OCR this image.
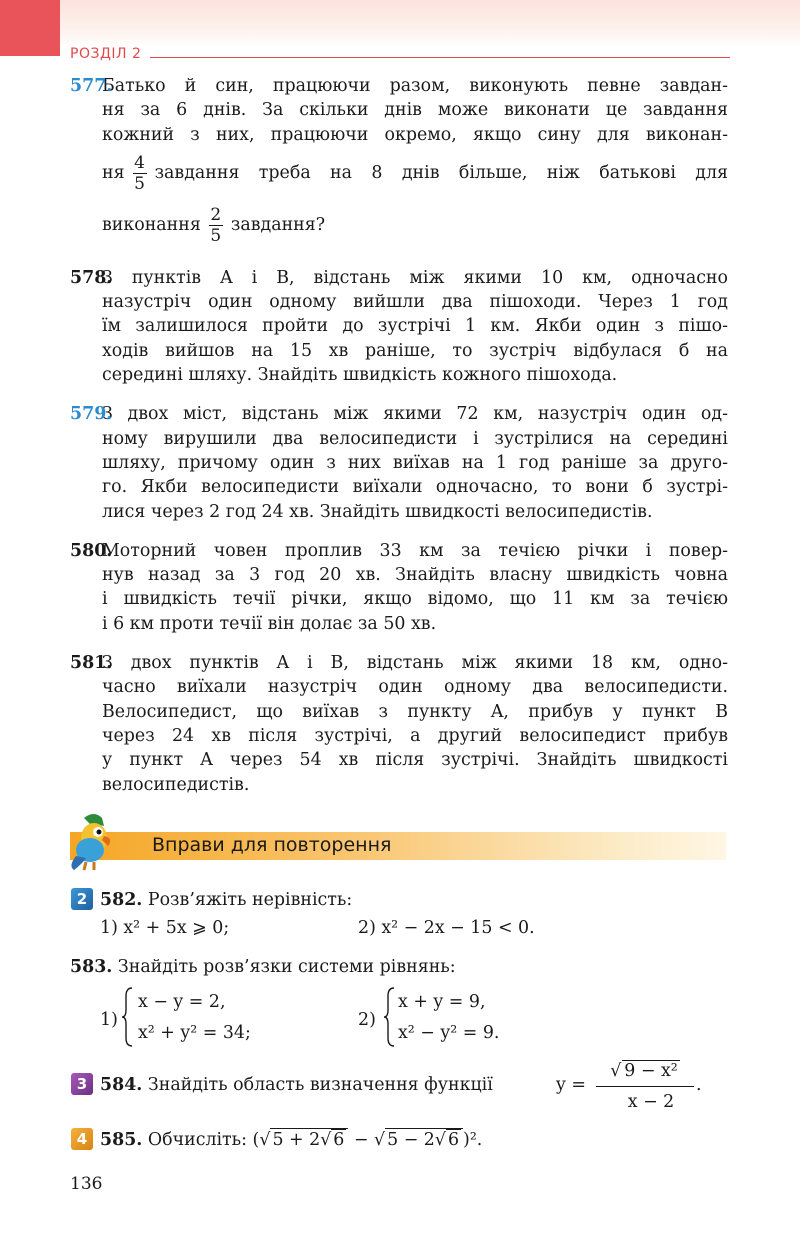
РОЗДІЛ 2
577.
Батько й син, працюючи разом, виконують певне завдан-
ня за 6 днів. За скільки днів може виконати це завдання
кожний з них, працюючи окремо, якщо сину для виконан-
ня $\frac{4}{5}$ завдання треба на 8 днів більше, ніж батькові для
виконання $\frac{2}{5}$ завдання?
578.
З пунктів A і B, відстань між якими 10 км, одночасно
назустріч один одному вийшли два пішоходи. Через 1 год
їм залишилося пройти до зустрічі 1 км. Якби один з пішо-
ходів вийшов на 15 хв раніше, то зустріч відбулася б на
середині шляху. Знайдіть швидкість кожного пішохода.
579.
З двох міст, відстань між якими 72 км, назустріч один од-
ному вирушили два велосипедисти і зустрілися на середині
шляху, причому один з них виїхав на 1 год раніше за друго-
го. Якби велосипедисти виїхали одночасно, то вони б зустрі-
лися через 2 год 24 хв. Знайдіть швидкості велосипедистів.
580.
Моторний човен проплив 33 км за течією річки і повер-
нув назад за 3 год 20 хв. Знайдіть власну швидкість човна
і швидкість течії річки, якщо відомо, що 11 км за течією
і 6 км проти течії він долає за 50 хв.
581.
З двох пунктів A і B, відстань між якими 18 км, одно-
часно виїхали назустріч один одному два велосипедисти.
Велосипедист, що виїхав з пункту A, прибув у пункт B
через 24 хв після зустрічі, а другий велосипедист прибув
у пункт A через 54 хв після зустрічі. Знайдіть швидкості
велосипедистів.
Вправи для повторення
2 582. Розв’яжіть нерівність:
1) x² + 5x ⩾ 0;	2) x² − 2x − 15 < 0.
583. Знайдіть розв’язки системи рівнянь:
1)
x − y = 2,
x² + y² = 34;
2)
x + y = 9,
x² − y² = 9.
3 584. Знайдіть область визначення функції	y =
√ 9 − x²
x − 2
.
4 585. Обчисліть: (√ 5 + 2√ 6 − √ 5 − 2√ 6 )².
136
